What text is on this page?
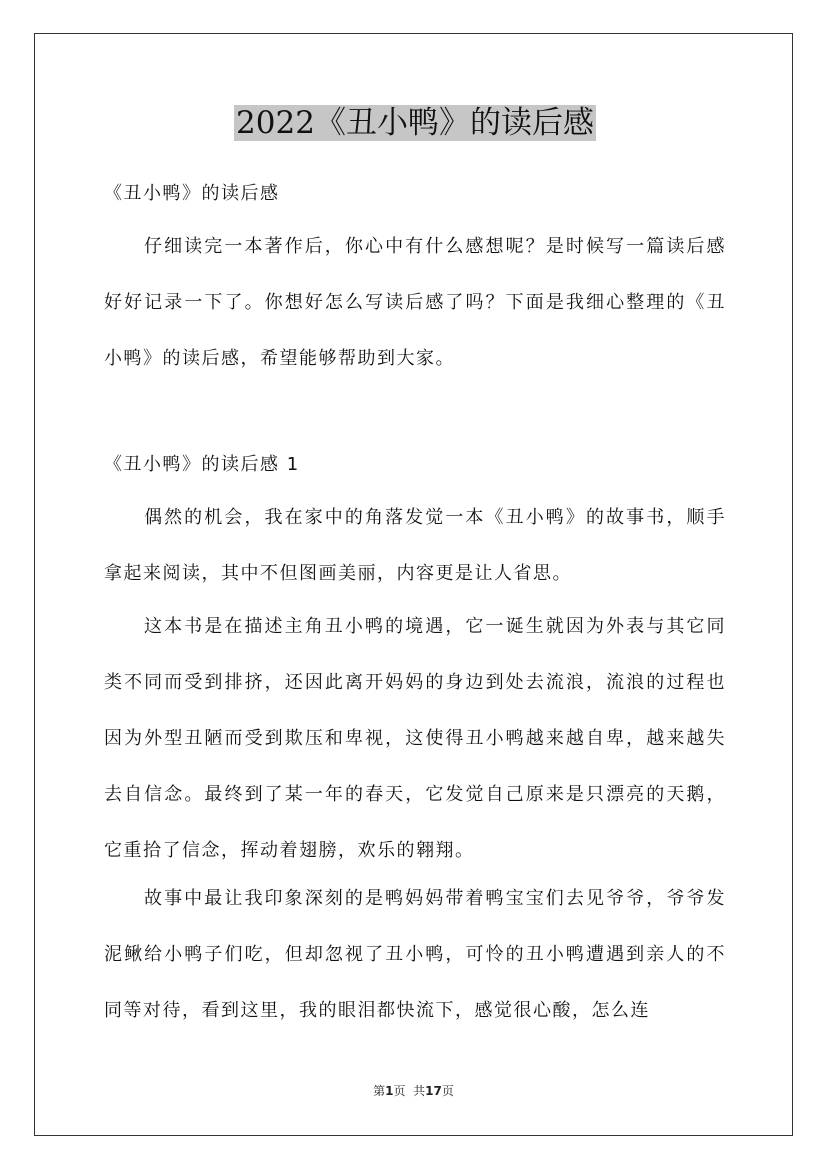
2022《丑小鸭》的读后感

《丑小鸭》的读后感

仔细读完一本著作后，你心中有什么感想呢？是时候写一篇读后感好好记录一下了。你想好怎么写读后感了吗？下面是我细心整理的《丑小鸭》的读后感，希望能够帮助到大家。

《丑小鸭》的读后感 1

偶然的机会，我在家中的角落发觉一本《丑小鸭》的故事书，顺手拿起来阅读，其中不但图画美丽，内容更是让人省思。

这本书是在描述主角丑小鸭的境遇，它一诞生就因为外表与其它同类不同而受到排挤，还因此离开妈妈的身边到处去流浪，流浪的过程也因为外型丑陋而受到欺压和卑视，这使得丑小鸭越来越自卑，越来越失去自信念。最终到了某一年的春天，它发觉自己原来是只漂亮的天鹅，它重拾了信念，挥动着翅膀，欢乐的翱翔。

故事中最让我印象深刻的是鸭妈妈带着鸭宝宝们去见爷爷，爷爷发泥鳅给小鸭子们吃，但却忽视了丑小鸭，可怜的丑小鸭遭遇到亲人的不同等对待，看到这里，我的眼泪都快流下，感觉很心酸，怎么连

第1页 共17页
